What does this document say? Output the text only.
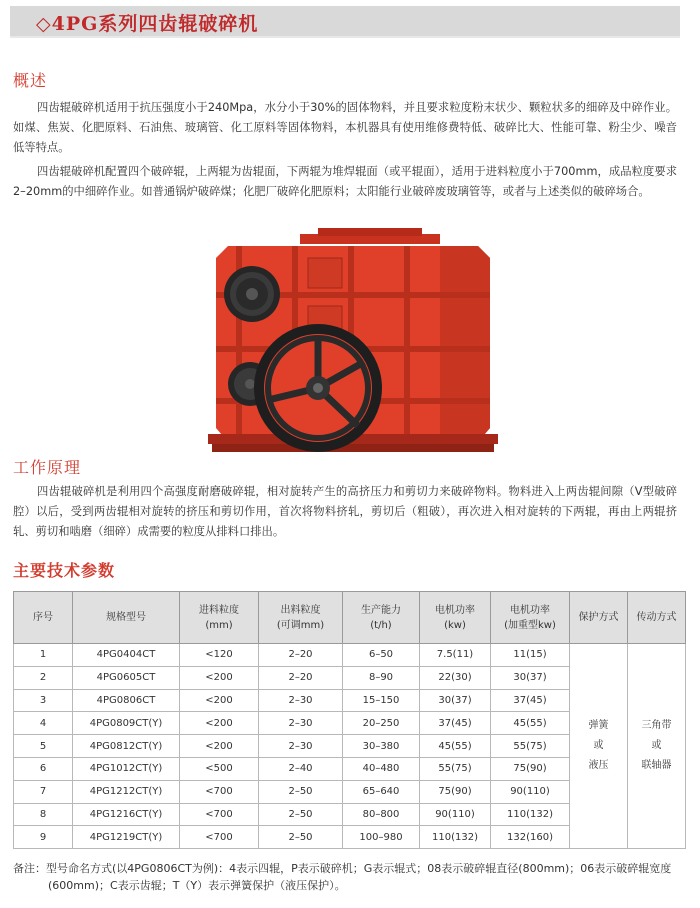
◇4PG系列四齿辊破碎机
概述

四齿辊破碎机适用于抗压强度小于240Mpa，水分小于30%的固体物料，并且要求粒度粉末状少、颗粒状多的细碎及中碎作业。如煤、焦炭、化肥原料、石油焦、玻璃管、化工原料等固体物料，本机器具有使用维修费特低、破碎比大、性能可靠、粉尘少、噪音低等特点。

四齿辊破碎机配置四个破碎辊，上两辊为齿辊面，下两辊为堆焊辊面（或平辊面），适用于进料粒度小于700mm，成品粒度要求2–20mm的中细碎作业。如普通锅炉破碎煤；化肥厂破碎化肥原料；太阳能行业破碎废玻璃管等，或者与上述类似的破碎场合。

工作原理

四齿辊破碎机是利用四个高强度耐磨破碎辊，相对旋转产生的高挤压力和剪切力来破碎物料。物料进入上两齿辊间隙（V型破碎腔）以后，受到两齿辊相对旋转的挤压和剪切作用，首次将物料挤轧，剪切后（粗破），再次进入相对旋转的下两辊，再由上两辊挤轧、剪切和啮磨（细碎）成需要的粒度从排料口排出。

主要技术参数
序号	规格型号	进料粒度
(mm)	出料粒度
(可调mm)	生产能力
(t/h)	电机功率
(kw)	电机功率
(加重型kw)	保护方式	传动方式
1	4PG0404CT	<120	2–20	6–50	7.5(11)	11(15)	弹簧
或
液压	三角带
或
联轴器
2	4PG0605CT	<200	2–20	8–90	22(30)	30(37)		
3	4PG0806CT	<200	2–30	15–150	30(37)	37(45)		
4	4PG0809CT(Y)	<200	2–30	20–250	37(45)	45(55)		
5	4PG0812CT(Y)	<200	2–30	30–380	45(55)	55(75)		
6	4PG1012CT(Y)	<500	2–40	40–480	55(75)	75(90)		
7	4PG1212CT(Y)	<700	2–50	65–640	75(90)	90(110)		
8	4PG1216CT(Y)	<700	2–50	80–800	90(110)	110(132)		
9	4PG1219CT(Y)	<700	2–50	100–980	110(132)	132(160)		
备注：型号命名方式(以4PG0806CT为例)：4表示四辊，P表示破碎机；G表示辊式；08表示破碎辊直径(800mm)；06表示破碎辊宽度
(600mm)；C表示齿辊；T（Y）表示弹簧保护（液压保护）。
